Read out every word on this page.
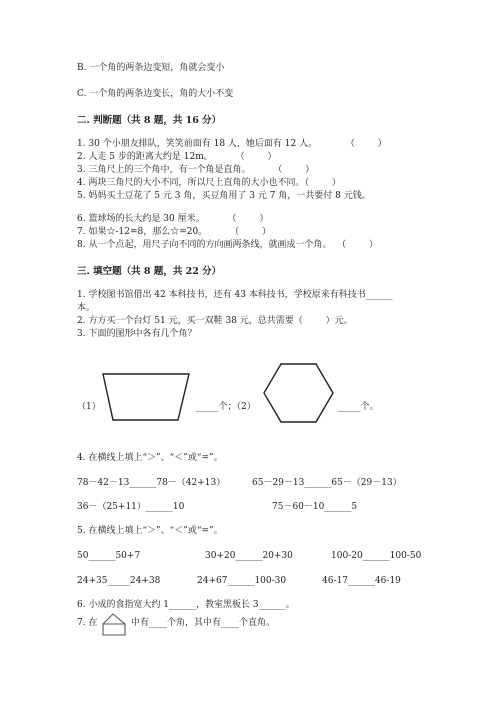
B. 一个角的两条边变短，角就会变小
C. 一个角的两条边变长，角的大小不变
二. 判断题（共 8 题，共 16 分）
1. 30 个小朋友排队，笑笑前面有 18 人，她后面有 12 人。          （        ）
2. 人走 5 步的距离大约是 12m。        （        ）
3. 三角尺上的三个角中，有一个角是直角。        （        ）
4. 两块三角尺的大小不同，所以尺上直角的大小也不同。（        ）
5. 妈妈买土豆花了 5 元 3 角，买豆角用了 3 元 7 角，一共要付 8 元钱。
6. 篮球场的长大约是 30 厘米。        （        ）
7. 如果☆-12=8，那么☆=20。        （        ）
8. 从一个点起，用尺子向不同的方向画两条线，就画成一个角。  （        ）
三. 填空题（共 8 题，共 22 分）
1. 学校图书馆借出 42 本科技书，还有 43 本科技书，学校原来有科技书______
本。
2. 方方买一个台灯 51 元，买一双鞋 38 元，总共需要（        ）元。
3. 下面的图形中各有几个角？
（1）	_____个；（2）	_____个。
4. 在横线上填上“＞”、“＜”或“=”。
78－42－13______78－（42+13）	65－29－13______65－（29－13）
36－（25+11）______10	75－60－10______5
5. 在横线上填上“＞”、“＜”或“=”。
50______50+7	30+20______20+30	100-20______100-50
24+35_____24+38	24+67______100-30	46-17______46-19
6. 小成的食指宽大约 1______，教室黑板长 3______。
7. 在	中有____个角，其中有____个直角。
